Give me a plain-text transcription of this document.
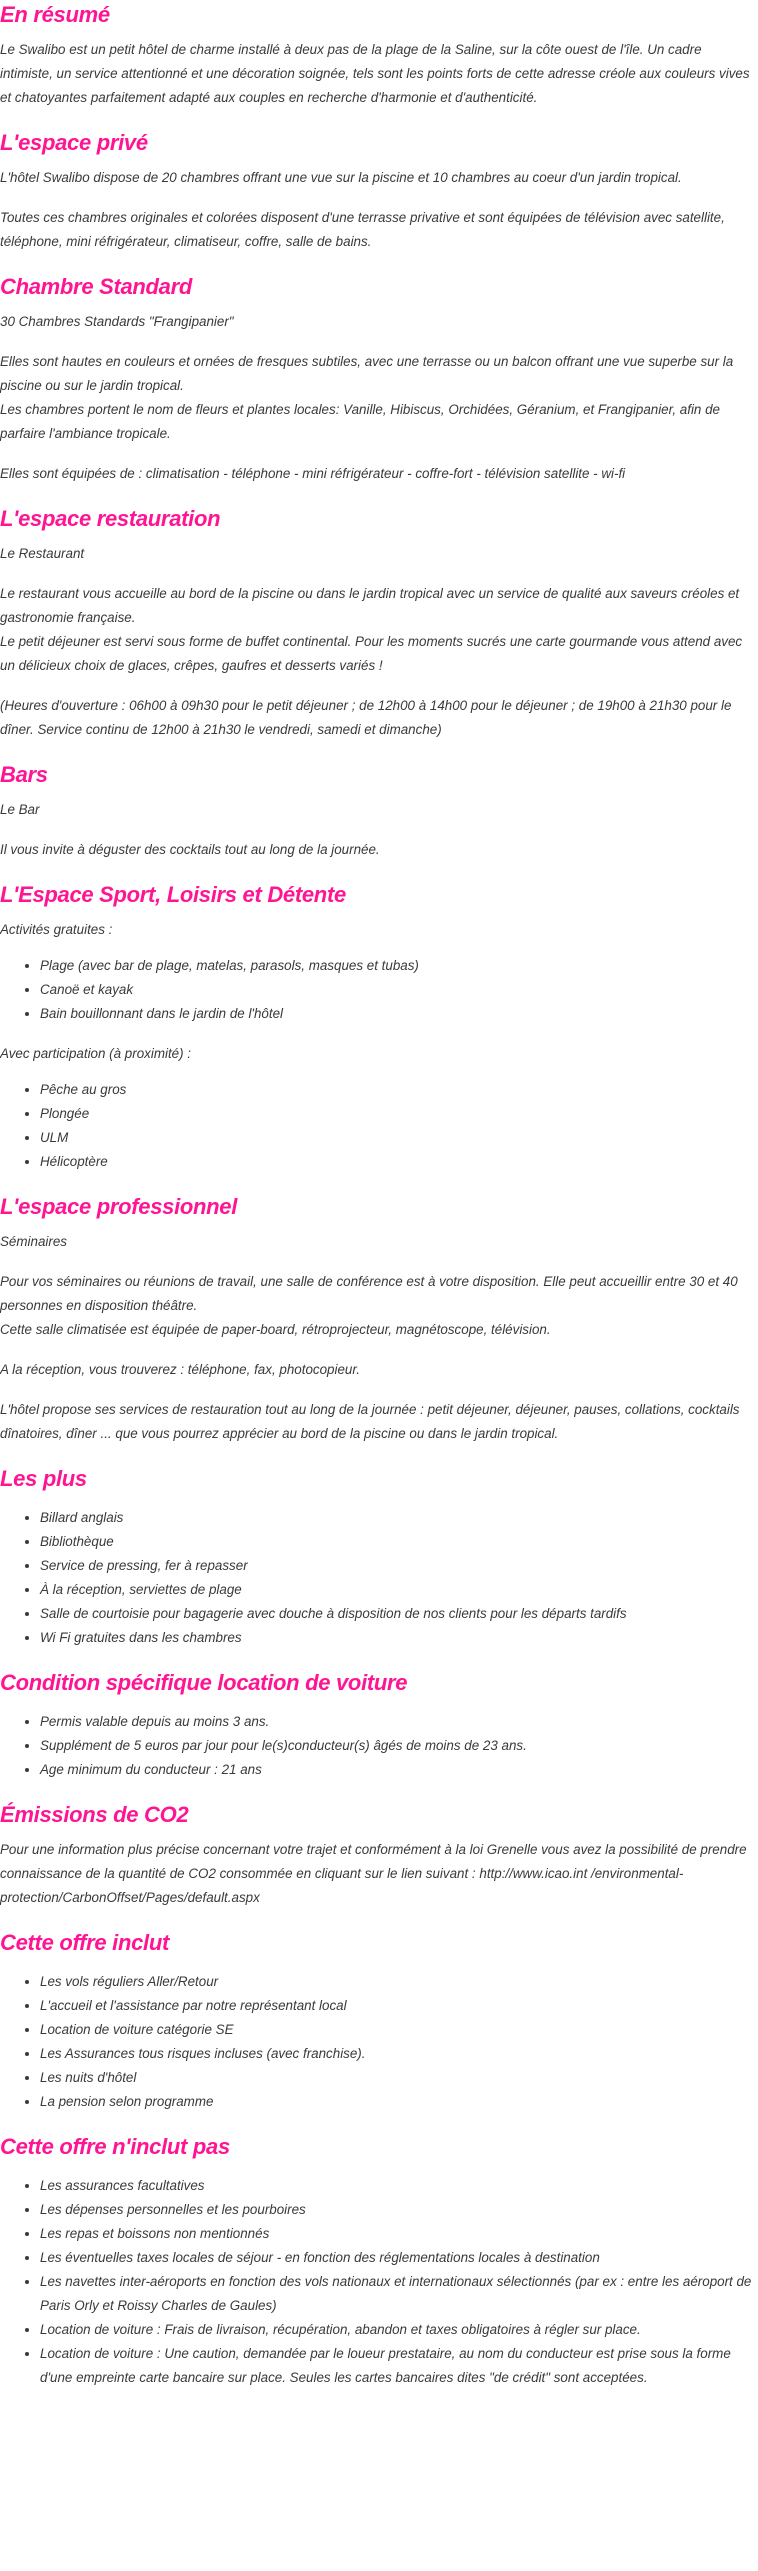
En résumé

Le Swalibo est un petit hôtel de charme installé à deux pas de la plage de la Saline, sur la côte ouest de l'île. Un cadre intimiste, un service attentionné et une décoration soignée, tels sont les points forts de cette adresse créole aux couleurs vives et chatoyantes parfaitement adapté aux couples en recherche d'harmonie et d'authenticité.

L'espace privé

L'hôtel Swalibo dispose de 20 chambres offrant une vue sur la piscine et 10 chambres au coeur d'un jardin tropical.

Toutes ces chambres originales et colorées disposent d'une terrasse privative et sont équipées de télévision avec satellite, téléphone, mini réfrigérateur, climatiseur, coffre, salle de bains.

Chambre Standard

30 Chambres Standards "Frangipanier"

Elles sont hautes en couleurs et ornées de fresques subtiles, avec une terrasse ou un balcon offrant une vue superbe sur la piscine ou sur le jardin tropical.

Les chambres portent le nom de fleurs et plantes locales: Vanille, Hibiscus, Orchidées, Géranium, et Frangipanier, afin de parfaire l'ambiance tropicale.

Elles sont équipées de : climatisation - téléphone - mini réfrigérateur - coffre-fort - télévision satellite - wi-fi

L'espace restauration

Le Restaurant

Le restaurant vous accueille au bord de la piscine ou dans le jardin tropical avec un service de qualité aux saveurs créoles et gastronomie française.

Le petit déjeuner est servi sous forme de buffet continental. Pour les moments sucrés une carte gourmande vous attend avec un délicieux choix de glaces, crêpes, gaufres et desserts variés !

(Heures d'ouverture : 06h00 à 09h30 pour le petit déjeuner ; de 12h00 à 14h00 pour le déjeuner ; de 19h00 à 21h30 pour le dîner. Service continu de 12h00 à 21h30 le vendredi, samedi et dimanche)

Bars

Le Bar

Il vous invite à déguster des cocktails tout au long de la journée.

L'Espace Sport, Loisirs et Détente

Activités gratuites :

• Plage (avec bar de plage, matelas, parasols, masques et tubas)
• Canoë et kayak
• Bain bouillonnant dans le jardin de l'hôtel

Avec participation (à proximité) :

• Pêche au gros
• Plongée
• ULM
• Hélicoptère
L'espace professionnel

Séminaires

Pour vos séminaires ou réunions de travail, une salle de conférence est à votre disposition. Elle peut accueillir entre 30 et 40 personnes en disposition théâtre.

Cette salle climatisée est équipée de paper-board, rétroprojecteur, magnétoscope, télévision.

A la réception, vous trouverez : téléphone, fax, photocopieur.

L'hôtel propose ses services de restauration tout au long de la journée : petit déjeuner, déjeuner, pauses, collations, cocktails dînatoires, dîner ... que vous pourrez apprécier au bord de la piscine ou dans le jardin tropical.

Les plus
• Billard anglais
• Bibliothèque
• Service de pressing, fer à repasser
• À la réception, serviettes de plage
• Salle de courtoisie pour bagagerie avec douche à disposition de nos clients pour les départs tardifs
• Wi Fi gratuites dans les chambres
Condition spécifique location de voiture
• Permis valable depuis au moins 3 ans.
• Supplément de 5 euros par jour pour le(s)conducteur(s) âgés de moins de 23 ans.
• Age minimum du conducteur : 21 ans
Émissions de CO2

Pour une information plus précise concernant votre trajet et conformément à la loi Grenelle vous avez la possibilité de prendre connaissance de la quantité de CO2 consommée en cliquant sur le lien suivant : http://www.icao.int /environmental-protection/CarbonOffset/Pages/default.aspx

Cette offre inclut
• Les vols réguliers Aller/Retour
• L'accueil et l'assistance par notre représentant local
• Location de voiture catégorie SE
• Les Assurances tous risques incluses (avec franchise).
• Les nuits d'hôtel
• La pension selon programme
Cette offre n'inclut pas
• Les assurances facultatives
• Les dépenses personnelles et les pourboires
• Les repas et boissons non mentionnés
• Les éventuelles taxes locales de séjour - en fonction des réglementations locales à destination
• Les navettes inter-aéroports en fonction des vols nationaux et internationaux sélectionnés (par ex : entre les aéroport de Paris Orly et Roissy Charles de Gaules)
• Location de voiture : Frais de livraison, récupération, abandon et taxes obligatoires à régler sur place.
• Location de voiture : Une caution, demandée par le loueur prestataire, au nom du conducteur est prise sous la forme d'une empreinte carte bancaire sur place. Seules les cartes bancaires dites "de crédit" sont acceptées.
